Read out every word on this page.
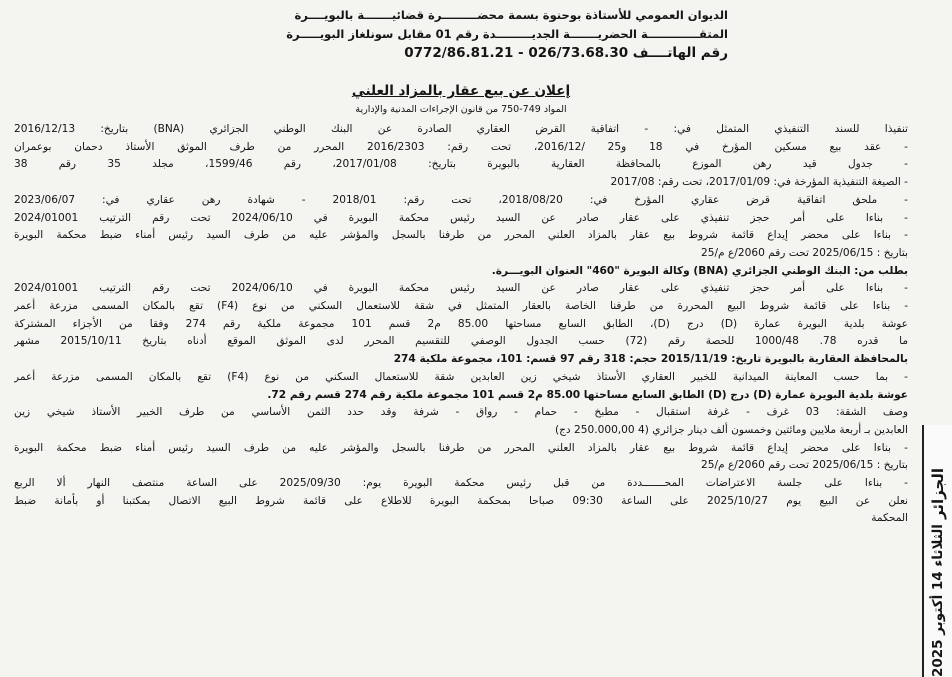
الديوان العمومي للأستاذة بوحنوة بسمة محضـــــــــرة قضائيـــــــة بالبويــــرة
المتقـــــــــــــة الحضريـــــــة الجديـــــــــدة رقم 01 مقابل سونلغاز البويـــــرة
رقم الهاتــــف 026/73.68.30 - 0772/86.81.21
إعلان عن بيع عقار بالمزاد العلني
المواد 749-750 من قانون الإجراءات المدنية والإدارية
تنفيذا للسند التنفيذي المتمثل في: - اتفاقية القرض العقاري الصادرة عن البنك الوطني الجزائري (BNA) بتاريخ: 2016/12/13
- عقد بيع مسكين المؤرخ في 18 و25 /2016/12، تحت رقم: 2016/2303 المحرر من طرف الموثق الأستاذ دحمان بوعمران
- جدول قيد رهن الموزع بالمحافظة العقارية بالبويرة بتاريخ: 2017/01/08، رقم 1599/46، مجلد 35 رقم 38
- الصيغة التنفيذية المؤرخة في: 2017/01/09، تحت رقم: 2017/08
- ملحق اتفاقية قرض عقاري المؤرخ في: 2018/08/20، تحت رقم: 2018/01 - شهادة رهن عقاري في: 2023/06/07
- بناءا على أمر حجز تنفيذي على عقار صادر عن السيد رئيس محكمة البويرة في 2024/06/10 تحت رقم الترتيب 2024/01001
- بناءا على محضر إيداع قائمة شروط بيع عقار بالمزاد العلني المحرر من طرفنا بالسجل والمؤشر عليه من طرف السيد رئيس أمناء ضبط محكمة البويرة
بتاريخ : 2025/06/15 تحت رقم 2060/ع م/25
بطلب من: البنك الوطني الجزائري (BNA) وكالة البويرة "460" العنوان البويـــرة.
- بناءا على أمر حجز تنفيذي على عقار صادر عن السيد رئيس محكمة البويرة في 2024/06/10 تحت رقم الترتيب 2024/01001
- بناءا على قائمة شروط البيع المحررة من طرفنا الخاصة بالعقار المتمثل في شقة للاستعمال السكني من نوع (F4) تقع بالمكان المسمى مزرعة أعمر
عوشة بلدية البويرة عمارة (D) درج (D)، الطابق السابع مساحتها 85.00 م2 قسم 101 مجموعة ملكية رقم 274 وفقا من الأجزاء المشتركة
ما قدره 78. 1000/48 للحصة رقم (72) حسب الجدول الوصفي للتقسيم المحرر لدى الموثق الموقع أدناه بتاريخ 2015/10/11 مشهر
بالمحافظة العقارية بالبويرة تاريخ: 2015/11/19 حجم: 318 رقم 97 قسم: 101، مجموعة ملكية 274
- بما حسب المعاينة الميدانية للخبير العقاري الأستاذ شيخي زين العابدين شقة للاستعمال السكني من نوع (F4) تقع بالمكان المسمى مزرعة أعمر
عوشة بلدية البويرة عمارة (D) درج (D) الطابق السابع مساحتها 85.00 م2 قسم 101 مجموعة ملكية رقم 274 قسم رقم 72.
وصف الشقة: 03 غرف - غرفة استقبال - مطبخ - حمام - رواق - شرفة وقد حدد الثمن الأساسي من طرف الخبير الأستاذ شيخي زين
العابدين بـ أربعة ملايين ومائتين وخمسون ألف دينار جزائري (4 250.000,00 دج)
- بناءا على محضر إيداع قائمة شروط بيع عقار بالمزاد العلني المحرر من طرفنا بالسجل والمؤشر عليه من طرف السيد رئيس أمناء ضبط محكمة البويرة
بتاريخ : 2025/06/15 تحت رقم 2060/ع م/25
- بناءا على جلسة الاعتراضات المحـــــــددة من قبل رئيس محكمة البويرة يوم: 2025/09/30 على الساعة منتصف النهار ألا الربع
نعلن عن البيع يوم 2025/10/27 على الساعة 09:30 صباحا بمحكمة البويرة للاطلاع على قائمة شروط البيع الاتصال بمكتبنا أو بأمانة ضبط
المحكمة الجزائر الثلاثاء 14 أكتوبر 2025
